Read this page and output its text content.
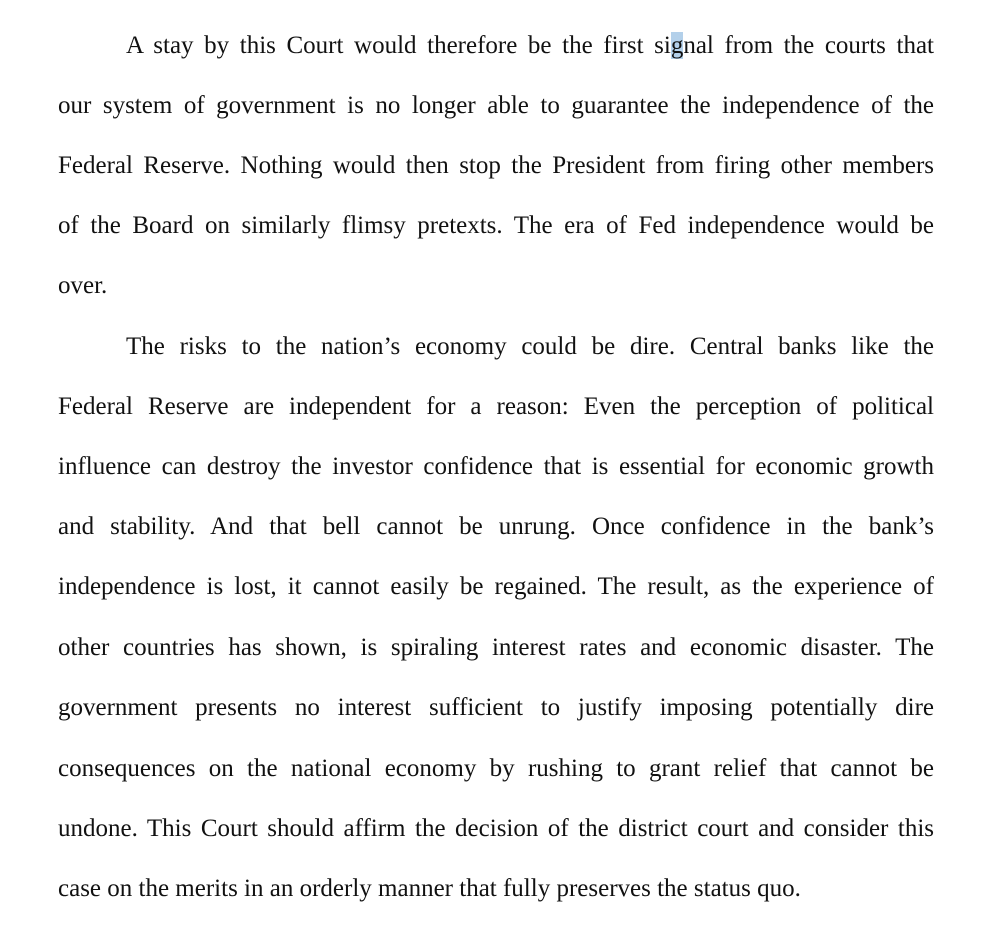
A stay by this Court would therefore be the first signal from the courts that
our system of government is no longer able to guarantee the independence of the
Federal Reserve. Nothing would then stop the President from firing other members
of the Board on similarly flimsy pretexts. The era of Fed independence would be
over.
The risks to the nation’s economy could be dire. Central banks like the
Federal Reserve are independent for a reason: Even the perception of political
influence can destroy the investor confidence that is essential for economic growth
and stability. And that bell cannot be unrung. Once confidence in the bank’s
independence is lost, it cannot easily be regained. The result, as the experience of
other countries has shown, is spiraling interest rates and economic disaster. The
government presents no interest sufficient to justify imposing potentially dire
consequences on the national economy by rushing to grant relief that cannot be
undone. This Court should affirm the decision of the district court and consider this
case on the merits in an orderly manner that fully preserves the status quo.
